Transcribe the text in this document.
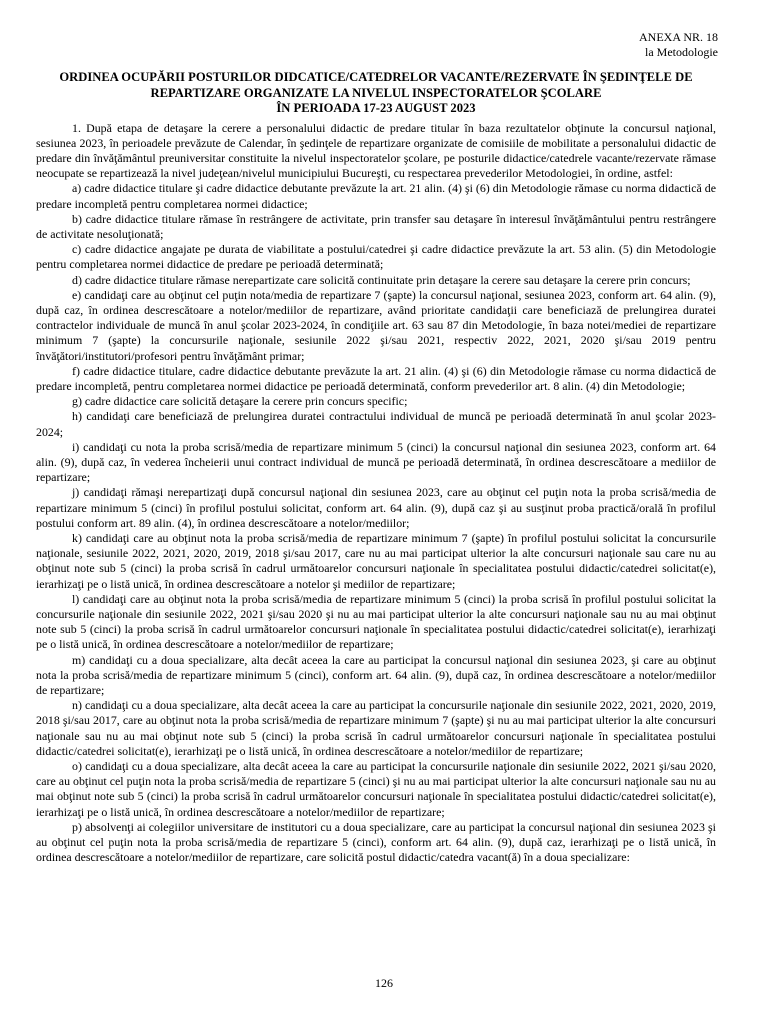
ANEXA NR. 18
la Metodologie
ORDINEA OCUPĂRII POSTURILOR DIDCATICE/CATEDRELOR VACANTE/REZERVATE ÎN ŞEDINŢELE DE
REPARTIZARE ORGANIZATE LA NIVELUL INSPECTORATELOR ŞCOLARE
ÎN PERIOADA 17-23 AUGUST 2023

1. După etapa de detaşare la cerere a personalului didactic de predare titular în baza rezultatelor obţinute la concursul naţional, sesiunea 2023, în perioadele prevăzute de Calendar, în şedinţele de repartizare organizate de comisiile de mobilitate a personalului didactic de predare din învăţământul preuniversitar constituite la nivelul inspectoratelor şcolare, pe posturile didactice/catedrele vacante/rezervate rămase neocupate se repartizează la nivel judeţean/nivelul municipiului Bucureşti, cu respectarea prevederilor Metodologiei, în ordine, astfel:

a) cadre didactice titulare şi cadre didactice debutante prevăzute la art. 21 alin. (4) şi (6) din Metodologie rămase cu norma didactică de predare incompletă pentru completarea normei didactice;

b) cadre didactice titulare rămase în restrângere de activitate, prin transfer sau detaşare în interesul învăţământului pentru restrângere de activitate nesoluţionată;

c) cadre didactice angajate pe durata de viabilitate a postului/catedrei şi cadre didactice prevăzute la art. 53 alin. (5) din Metodologie pentru completarea normei didactice de predare pe perioadă determinată;

d) cadre didactice titulare rămase nerepartizate care solicită continuitate prin detaşare la cerere sau detaşare la cerere prin concurs;

e) candidaţi care au obţinut cel puţin nota/media de repartizare 7 (şapte) la concursul naţional, sesiunea 2023, conform art. 64 alin. (9), după caz, în ordinea descrescătoare a notelor/mediilor de repartizare, având prioritate candidaţii care beneficiază de prelungirea duratei contractelor individuale de muncă în anul şcolar 2023-2024, în condiţiile art. 63 sau 87 din Metodologie, în baza notei/mediei de repartizare minimum 7 (şapte) la concursurile naţionale, sesiunile 2022 şi/sau 2021, respectiv 2022, 2021, 2020 şi/sau 2019 pentru învăţători/institutori/profesori pentru învăţământ primar;

f) cadre didactice titulare, cadre didactice debutante prevăzute la art. 21 alin. (4) şi (6) din Metodologie rămase cu norma didactică de predare incompletă, pentru completarea normei didactice pe perioadă determinată, conform prevederilor art. 8 alin. (4) din Metodologie;

g) cadre didactice care solicită detaşare la cerere prin concurs specific;

h) candidaţi care beneficiază de prelungirea duratei contractului individual de muncă pe perioadă determinată în anul şcolar 2023-2024;

i) candidaţi cu nota la proba scrisă/media de repartizare minimum 5 (cinci) la concursul naţional din sesiunea 2023, conform art. 64 alin. (9), după caz, în vederea încheierii unui contract individual de muncă pe perioadă determinată, în ordinea descrescătoare a mediilor de repartizare;

j) candidaţi rămaşi nerepartizaţi după concursul naţional din sesiunea 2023, care au obţinut cel puţin nota la proba scrisă/media de repartizare minimum 5 (cinci) în profilul postului solicitat, conform art. 64 alin. (9), după caz şi au susţinut proba practică/orală în profilul postului conform art. 89 alin. (4), în ordinea descrescătoare a notelor/mediilor;

k) candidaţi care au obţinut nota la proba scrisă/media de repartizare minimum 7 (şapte) în profilul postului solicitat la concursurile naţionale, sesiunile 2022, 2021, 2020, 2019, 2018 şi/sau 2017, care nu au mai participat ulterior la alte concursuri naţionale sau care nu au obţinut note sub 5 (cinci) la proba scrisă în cadrul următoarelor concursuri naţionale în specialitatea postului didactic/catedrei solicitat(e), ierarhizaţi pe o listă unică, în ordinea descrescătoare a notelor şi mediilor de repartizare;

l) candidaţi care au obţinut nota la proba scrisă/media de repartizare minimum 5 (cinci) la proba scrisă în profilul postului solicitat la concursurile naţionale din sesiunile 2022, 2021 şi/sau 2020 şi nu au mai participat ulterior la alte concursuri naţionale sau nu au mai obţinut note sub 5 (cinci) la proba scrisă în cadrul următoarelor concursuri naţionale în specialitatea postului didactic/catedrei solicitat(e), ierarhizaţi pe o listă unică, în ordinea descrescătoare a notelor/mediilor de repartizare;

m) candidaţi cu a doua specializare, alta decât aceea la care au participat la concursul naţional din sesiunea 2023, şi care au obţinut nota la proba scrisă/media de repartizare minimum 5 (cinci), conform art. 64 alin. (9), după caz, în ordinea descrescătoare a notelor/mediilor de repartizare;

n) candidaţi cu a doua specializare, alta decât aceea la care au participat la concursurile naţionale din sesiunile 2022, 2021, 2020, 2019, 2018 şi/sau 2017, care au obţinut nota la proba scrisă/media de repartizare minimum 7 (şapte) şi nu au mai participat ulterior la alte concursuri naţionale sau nu au mai obţinut note sub 5 (cinci) la proba scrisă în cadrul următoarelor concursuri naţionale în specialitatea postului didactic/catedrei solicitat(e), ierarhizaţi pe o listă unică, în ordinea descrescătoare a notelor/mediilor de repartizare;

o) candidaţi cu a doua specializare, alta decât aceea la care au participat la concursurile naţionale din sesiunile 2022, 2021 şi/sau 2020, care au obţinut cel puţin nota la proba scrisă/media de repartizare 5 (cinci) şi nu au mai participat ulterior la alte concursuri naţionale sau nu au mai obţinut note sub 5 (cinci) la proba scrisă în cadrul următoarelor concursuri naţionale în specialitatea postului didactic/catedrei solicitat(e), ierarhizaţi pe o listă unică, în ordinea descrescătoare a notelor/mediilor de repartizare;

p) absolvenţi ai colegiilor universitare de institutori cu a doua specializare, care au participat la concursul naţional din sesiunea 2023 şi au obţinut cel puţin nota la proba scrisă/media de repartizare 5 (cinci), conform art. 64 alin. (9), după caz, ierarhizaţi pe o listă unică, în ordinea descrescătoare a notelor/mediilor de repartizare, care solicită postul didactic/catedra vacant(ă) în a doua specializare:

126
